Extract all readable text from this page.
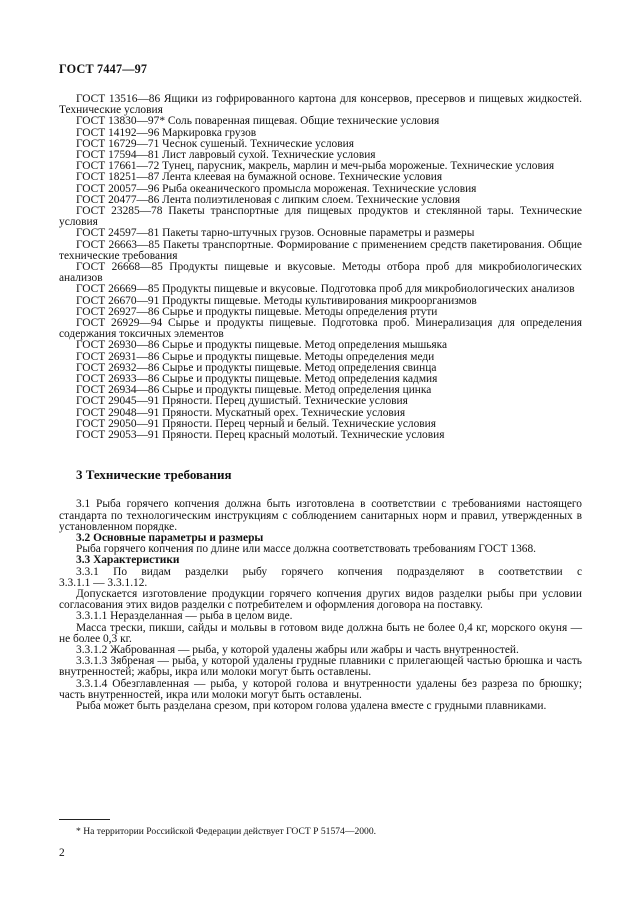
ГОСТ 7447—97

ГОСТ 13516—86 Ящики из гофрированного картона для консервов, пресервов и пищевых жидкостей. Технические условия

ГОСТ 13830—97* Соль поваренная пищевая. Общие технические условия

ГОСТ 14192—96 Маркировка грузов

ГОСТ 16729—71 Чеснок сушеный. Технические условия

ГОСТ 17594—81 Лист лавровый сухой. Технические условия

ГОСТ 17661—72 Тунец, парусник, макрель, марлин и меч-рыба мороженые. Технические условия

ГОСТ 18251—87 Лента клеевая на бумажной основе. Технические условия

ГОСТ 20057—96 Рыба океанического промысла мороженая. Технические условия

ГОСТ 20477—86 Лента полиэтиленовая с липким слоем. Технические условия

ГОСТ 23285—78 Пакеты транспортные для пищевых продуктов и стеклянной тары. Технические условия

ГОСТ 24597—81 Пакеты тарно-штучных грузов. Основные параметры и размеры

ГОСТ 26663—85 Пакеты транспортные. Формирование с применением средств пакетирования. Общие технические требования

ГОСТ 26668—85 Продукты пищевые и вкусовые. Методы отбора проб для микробиологических анализов

ГОСТ 26669—85 Продукты пищевые и вкусовые. Подготовка проб для микробиологических анализов

ГОСТ 26670—91 Продукты пищевые. Методы культивирования микроорганизмов

ГОСТ 26927—86 Сырье и продукты пищевые. Методы определения ртути

ГОСТ 26929—94 Сырье и продукты пищевые. Подготовка проб. Минерализация для определения содержания токсичных элементов

ГОСТ 26930—86 Сырье и продукты пищевые. Метод определения мышьяка

ГОСТ 26931—86 Сырье и продукты пищевые. Методы определения меди

ГОСТ 26932—86 Сырье и продукты пищевые. Метод определения свинца

ГОСТ 26933—86 Сырье и продукты пищевые. Метод определения кадмия

ГОСТ 26934—86 Сырье и продукты пищевые. Метод определения цинка

ГОСТ 29045—91 Пряности. Перец душистый. Технические условия

ГОСТ 29048—91 Пряности. Мускатный орех. Технические условия

ГОСТ 29050—91 Пряности. Перец черный и белый. Технические условия

ГОСТ 29053—91 Пряности. Перец красный молотый. Технические условия

3 Технические требования

3.1 Рыба горячего копчения должна быть изготовлена в соответствии с требованиями настоящего стандарта по технологическим инструкциям с соблюдением санитарных норм и правил, утвержденных в установленном порядке.

3.2 Основные параметры и размеры

Рыба горячего копчения по длине или массе должна соответствовать требованиям ГОСТ 1368.

3.3 Характеристики

3.3.1 По видам разделки рыбу горячего копчения подразделяют в соответствии с

3.3.1.1 — 3.3.1.12.

Допускается изготовление продукции горячего копчения других видов разделки рыбы при условии согласования этих видов разделки с потребителем и оформления договора на поставку.

3.3.1.1 Неразделанная — рыба в целом виде.

Масса трески, пикши, сайды и мольвы в готовом виде должна быть не более 0,4 кг, морского окуня — не более 0,3 кг.

3.3.1.2 Жаброванная — рыба, у которой удалены жабры или жабры и часть внутренностей.

3.3.1.3 Зябреная — рыба, у которой удалены грудные плавники с прилегающей частью брюшка и часть внутренностей; жабры, икра или молоки могут быть оставлены.

3.3.1.4 Обезглавленная — рыба, у которой голова и внутренности удалены без разреза по брюшку; часть внутренностей, икра или молоки могут быть оставлены.

Рыба может быть разделана срезом, при котором голова удалена вместе с грудными плавниками.

* На территории Российской Федерации действует ГОСТ Р 51574—2000.
2
